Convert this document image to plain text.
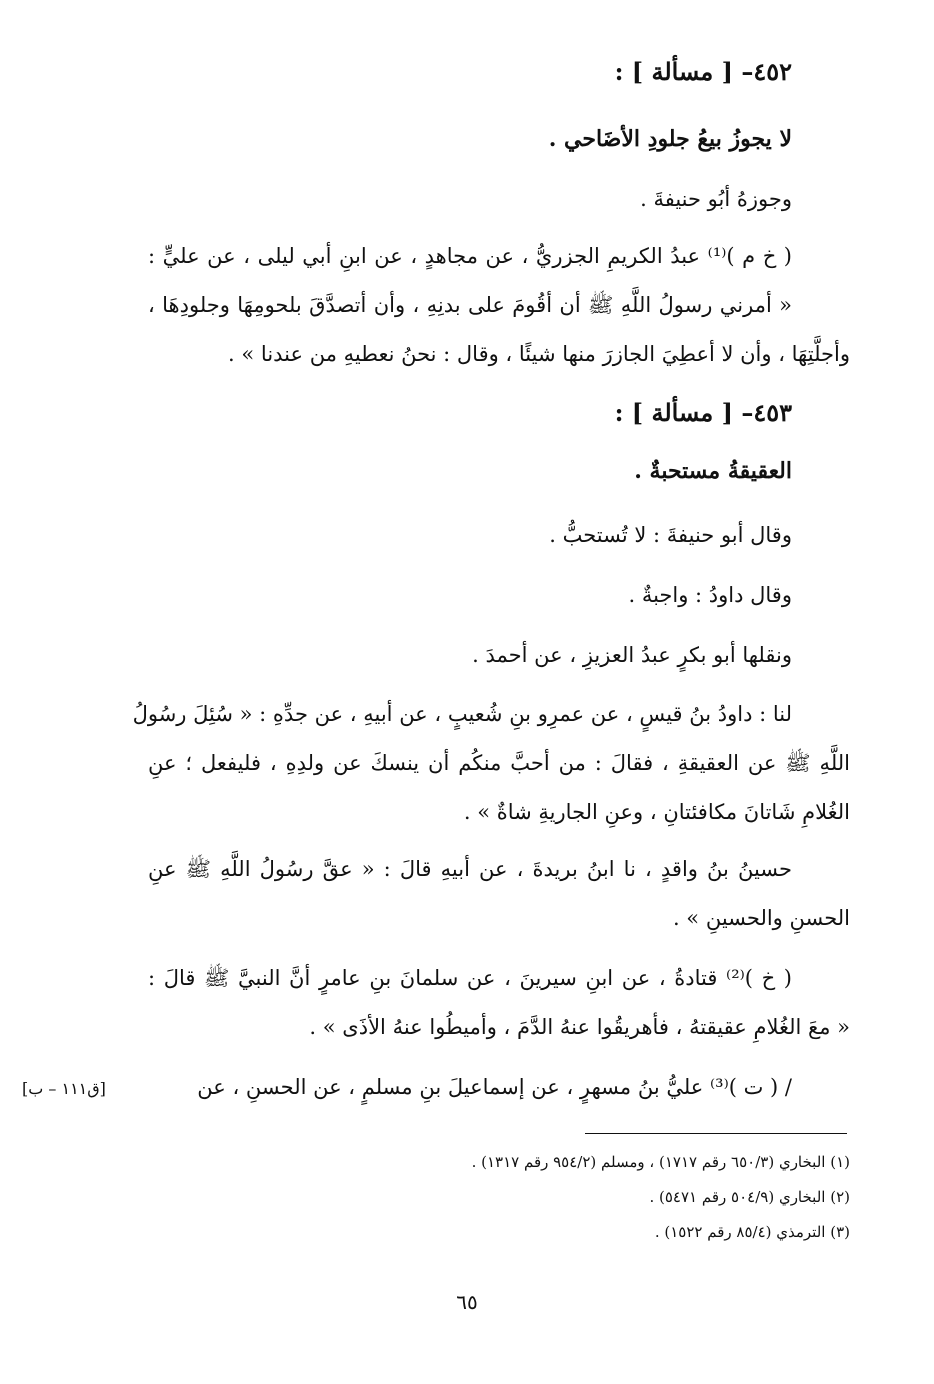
٤٥٢– [ مسألة ] :
لا يجوزُ بيعُ جلودِ الأضَاحي .
وجوزهُ أبُو حنيفةَ .
( خ م )⁽¹⁾ عبدُ الكريمِ الجزريُّ ، عن مجاهدٍ ، عن ابنِ أبي ليلى ، عن عليٍّ :
« أمرني رسولُ اللَّهِ ﷺ أن أقُومَ على بدنِهِ ، وأن أتصدَّقَ بلحومِهَا وجلودِهَا ،
وأجلَّتِهَا ، وأن لا أعطِيَ الجازرَ منها شيئًا ، وقال : نحنُ نعطيهِ من عندنا » .
٤٥٣– [ مسألة ] :
العقيقةُ مستحبةٌ .
وقال أبو حنيفةَ : لا تُستحبُّ .
وقال داودُ : واجبةٌ .
ونقلها أبو بكرٍ عبدُ العزيزِ ، عن أحمدَ .
لنا : داودُ بنُ قيسٍ ، عن عمرِو بنِ شُعيبٍ ، عن أبيهِ ، عن جدِّهِ : « سُئِلَ رسُولُ
اللَّهِ ﷺ عن العقيقةِ ، فقالَ : من أحبَّ منكُم أن ينسكَ عن ولدِهِ ، فليفعل ؛ عنِ
الغُلامِ شَاتانَ مكافئتانِ ، وعنِ الجاريةِ شاةٌ » .
حسينُ بنُ واقدٍ ، نا ابنُ بريدةَ ، عن أبيهِ قالَ : « عقَّ رسُولُ اللَّهِ ﷺ عنِ
الحسنِ والحسينِ » .
( خ )⁽²⁾ قتادةُ ، عن ابنِ سيرينَ ، عن سلمانَ بنِ عامرٍ أنَّ النبيَّ ﷺ قالَ :
« معَ الغُلامِ عقيقتهُ ، فأهريقُوا عنهُ الدَّمَ ، وأميطُوا عنهُ الأذَى » .
/ ( ت )⁽³⁾ عليُّ بنُ مسهرٍ ، عن إسماعيلَ بنِ مسلمٍ ، عن الحسنِ ، عن
[ق١١١ – ب]
(١) البخاري (٦٥٠/٣ رقم ١٧١٧) ، ومسلم (٩٥٤/٢ رقم ١٣١٧) .
(٢) البخاري (٥٠٤/٩ رقم ٥٤٧١) .
(٣) الترمذي (٨٥/٤ رقم ١٥٢٢) .
٦٥
